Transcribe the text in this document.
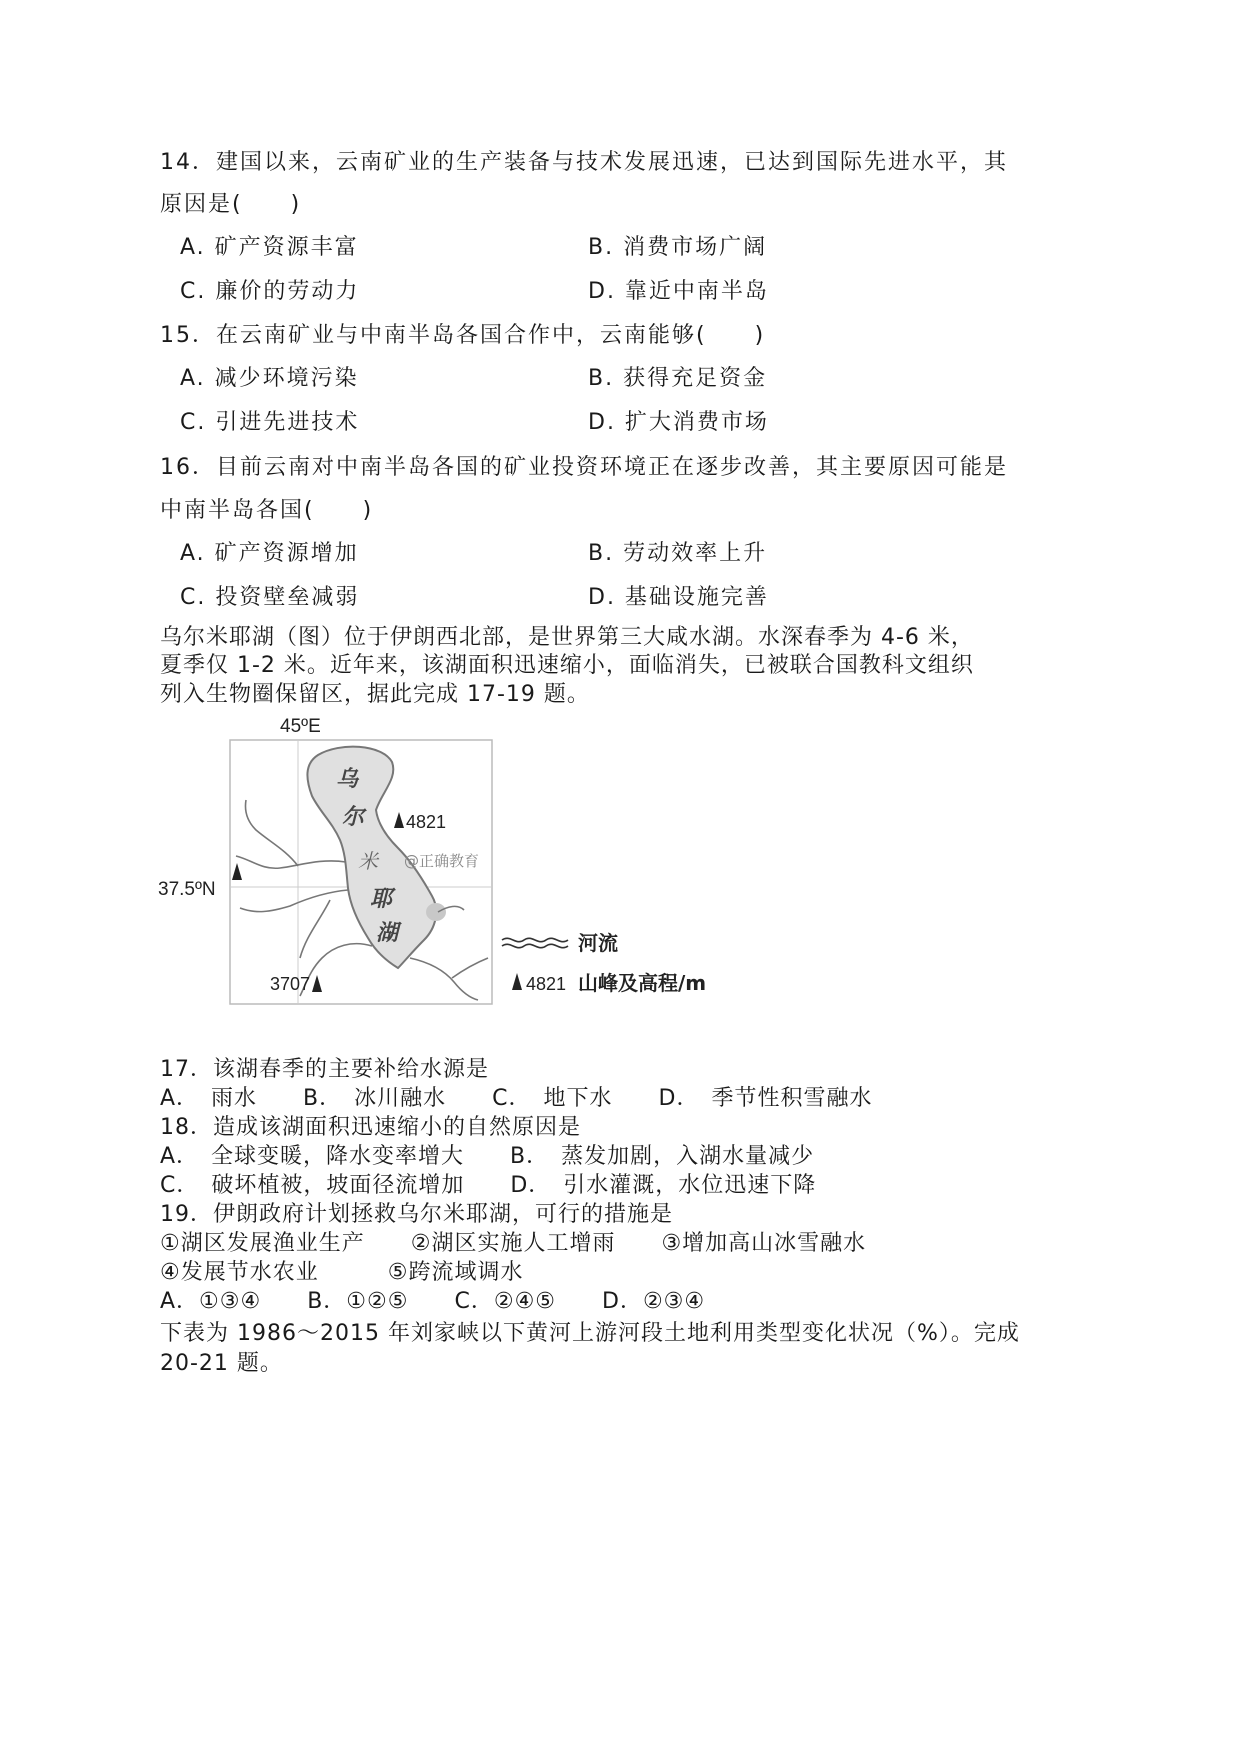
14．建国以来，云南矿业的生产装备与技术发展迅速，已达到国际先进水平，其
原因是(　　)
A. 矿产资源丰富	B. 消费市场广阔
C. 廉价的劳动力	D. 靠近中南半岛
15．在云南矿业与中南半岛各国合作中，云南能够(　　)
A. 减少环境污染	B. 获得充足资金
C. 引进先进技术	D. 扩大消费市场
16．目前云南对中南半岛各国的矿业投资环境正在逐步改善，其主要原因可能是
中南半岛各国(　　)
A. 矿产资源增加	B. 劳动效率上升
C. 投资壁垒减弱	D. 基础设施完善
乌尔米耶湖（图）位于伊朗西北部，是世界第三大咸水湖。水深春季为 4-6 米，
夏季仅 1-2 米。近年来，该湖面积迅速缩小，面临消失，已被联合国教科文组织
列入生物圈保留区，据此完成 17-19 题。
45ºE
37.5ºN
乌
尔
米
耶
湖
4821
3707
@正确教育
河流
4821 山峰及高程/m
17．该湖春季的主要补给水源是
A．　雨水　　B．　冰川融水　　C．　地下水　　D．　季节性积雪融水
18．造成该湖面积迅速缩小的自然原因是
A．　全球变暖，降水变率增大　　B．　蒸发加剧，入湖水量减少
C．　破坏植被，坡面径流增加　　D．　引水灌溉，水位迅速下降
19．伊朗政府计划拯救乌尔米耶湖，可行的措施是
①湖区发展渔业生产　　②湖区实施人工增雨　　③增加高山冰雪融水
④发展节水农业　　　⑤跨流域调水
A．①③④　　B．①②⑤　　C．②④⑤　　D．②③④
下表为 1986～2015 年刘家峡以下黄河上游河段土地利用类型变化状况（%）。完成
20-21 题。
